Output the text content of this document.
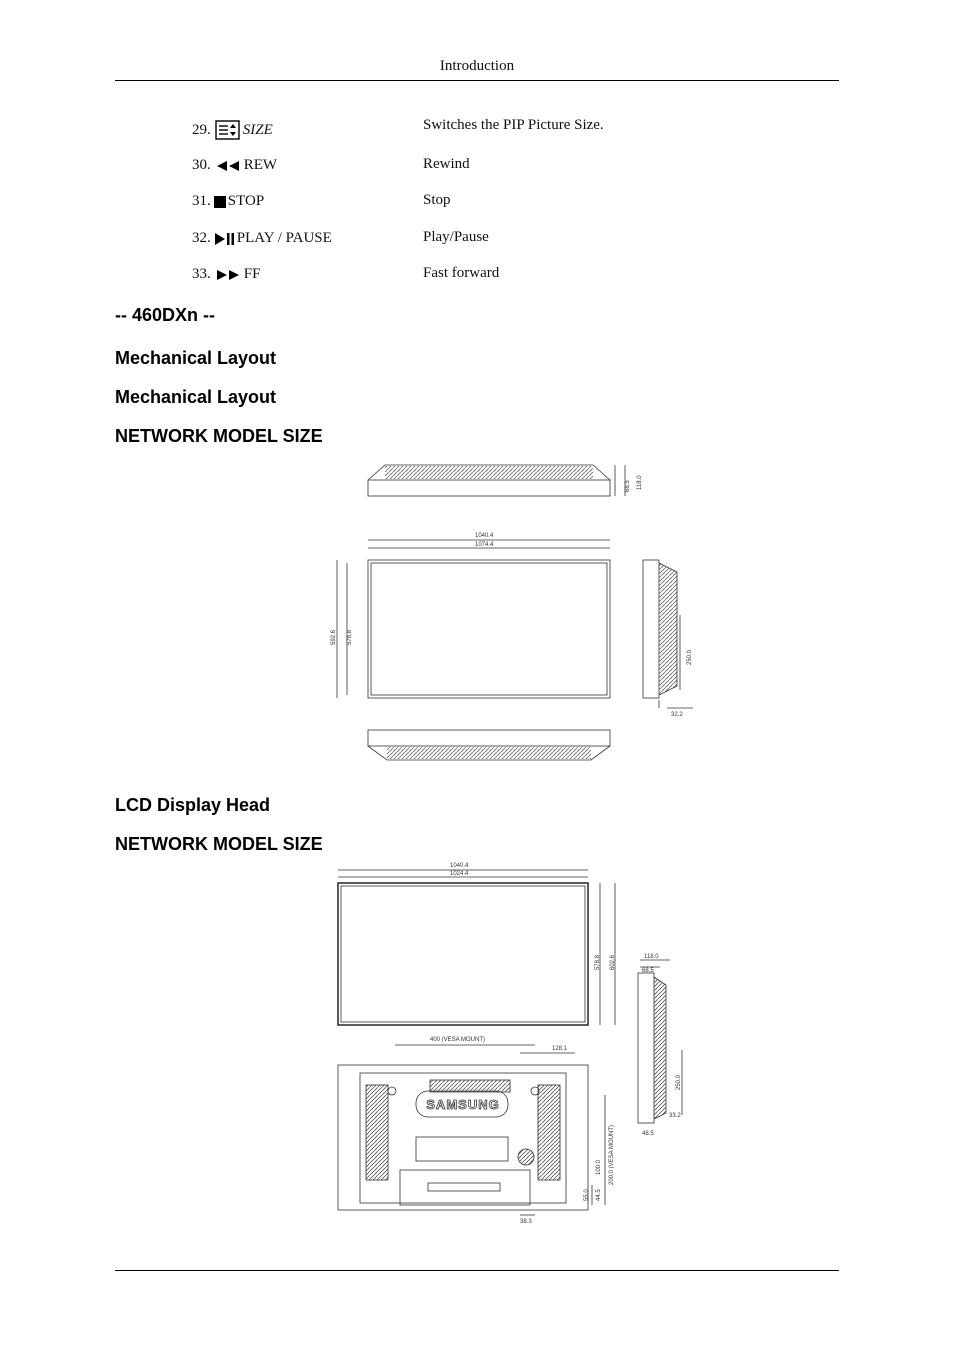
Introduction
29. SIZE	Switches the PIP Picture Size.
30. REW	Rewind
31. STOP	Stop
32. PLAY / PAUSE	Play/Pause
33. FF	Fast forward
-- 460DXn --
Mechanical Layout
Mechanical Layout
NETWORK MODEL SIZE
118.0
68.5
1040.4
1074.4
592.6 578.8
250.0
32.2
LCD Display Head
NETWORK MODEL SIZE
SAMSUNG
1040.4
1024.4
578.8 602.6
400 (VESA MOUNT)
128.1
118.0
68.5
250.0
33.2
48.5
200.0 (VESA MOUNT)
100.0
44.5
55.0
38.3
